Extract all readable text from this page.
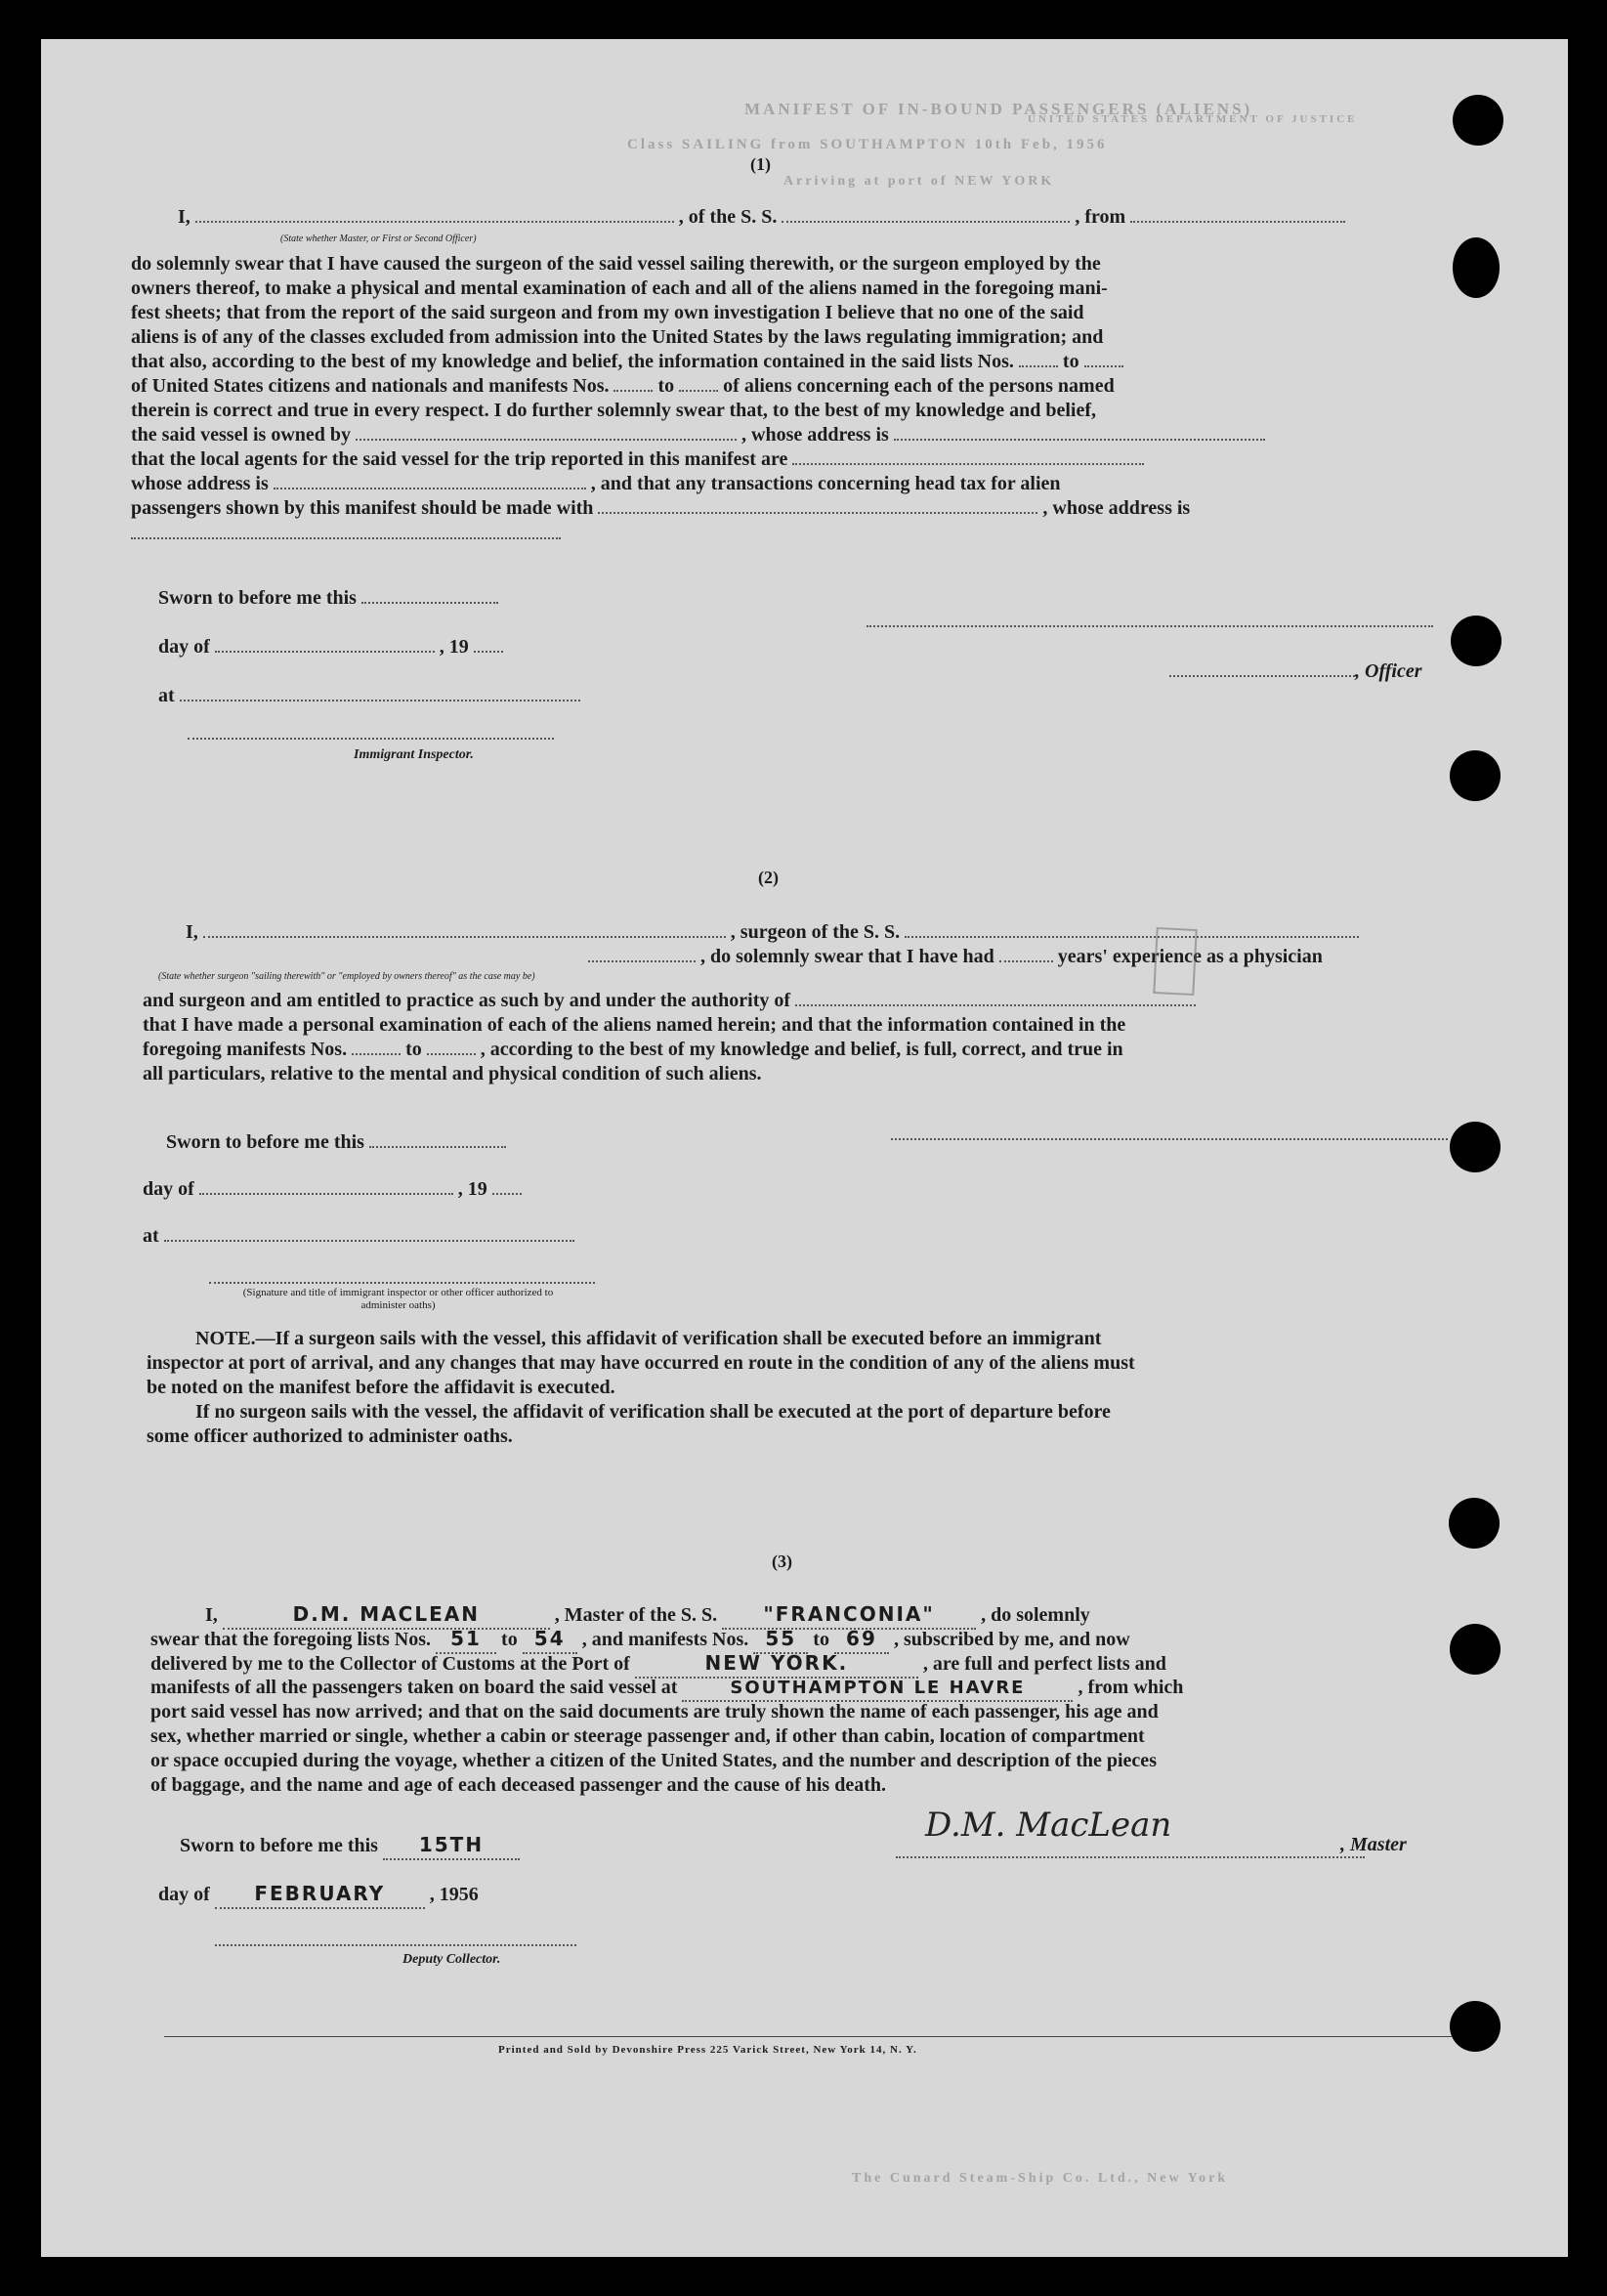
MANIFEST OF IN-BOUND PASSENGERS (ALIENS)
Class SAILING from SOUTHAMPTON 10th Feb, 1956
Arriving at port of NEW YORK
UNITED STATES DEPARTMENT OF JUSTICE
(1)
I,	, of the S. S.	, from
(State whether Master, or First or Second Officer)
do solemnly swear that I have caused the surgeon of the said vessel sailing therewith, or the surgeon employed by the
owners thereof, to make a physical and mental examination of each and all of the aliens named in the foregoing mani-
fest sheets; that from the report of the said surgeon and from my own investigation I believe that no one of the said
aliens is of any of the classes excluded from admission into the United States by the laws regulating immigration; and
that also, according to the best of my knowledge and belief, the information contained in the said lists Nos.	to
of United States citizens and nationals and manifests Nos.	to	of aliens concerning each of the persons named
therein is correct and true in every respect. I do further solemnly swear that, to the best of my knowledge and belief,
the said vessel is owned by	, whose address is
that the local agents for the said vessel for the trip reported in this manifest are
whose address is	, and that any transactions concerning head tax for alien
passengers shown by this manifest should be made with	, whose address is
Sworn to before me this
day of	, 19
, Officer
at
Immigrant Inspector.
(2)
I,	, surgeon of the S. S.
, do solemnly swear that I have had	years' experience as a physician
(State whether surgeon "sailing therewith" or "employed by owners thereof" as the case may be)
and surgeon and am entitled to practice as such by and under the authority of
that I have made a personal examination of each of the aliens named herein; and that the information contained in the
foregoing manifests Nos.	to	, according to the best of my knowledge and belief, is full, correct, and true in
all particulars, relative to the mental and physical condition of such aliens.
Sworn to before me this
day of	, 19
at
(Signature and title of immigrant inspector or other officer authorized to administer oaths)
NOTE.—If a surgeon sails with the vessel, this affidavit of verification shall be executed before an immigrant
inspector at port of arrival, and any changes that may have occurred en route in the condition of any of the aliens must
be noted on the manifest before the affidavit is executed.
If no surgeon sails with the vessel, the affidavit of verification shall be executed at the port of departure before
some officer authorized to administer oaths.
(3)
I,	D.M. MACLEAN	, Master of the S. S. "FRANCONIA" , do solemnly
swear that the foregoing lists Nos. 51 to 54 , and manifests Nos. 55 to 69 , subscribed by me, and now
delivered by me to the Collector of Customs at the Port of	NEW YORK.	, are full and perfect lists and
manifests of all the passengers taken on board the said vessel at	SOUTHAMPTON LE HAVRE	, from which
port said vessel has now arrived; and that on the said documents are truly shown the name of each passenger, his age and
sex, whether married or single, whether a cabin or steerage passenger and, if other than cabin, location of compartment
or space occupied during the voyage, whether a citizen of the United States, and the number and description of the pieces
of baggage, and the name and age of each deceased passenger and the cause of his death.
Sworn to before me this 15TH	D.M. MacLean	, Master
day of FEBRUARY , 1956
Deputy Collector.
Printed and Sold by Devonshire Press 225 Varick Street, New York 14, N. Y.
The Cunard Steam-Ship Co. Ltd., New York
